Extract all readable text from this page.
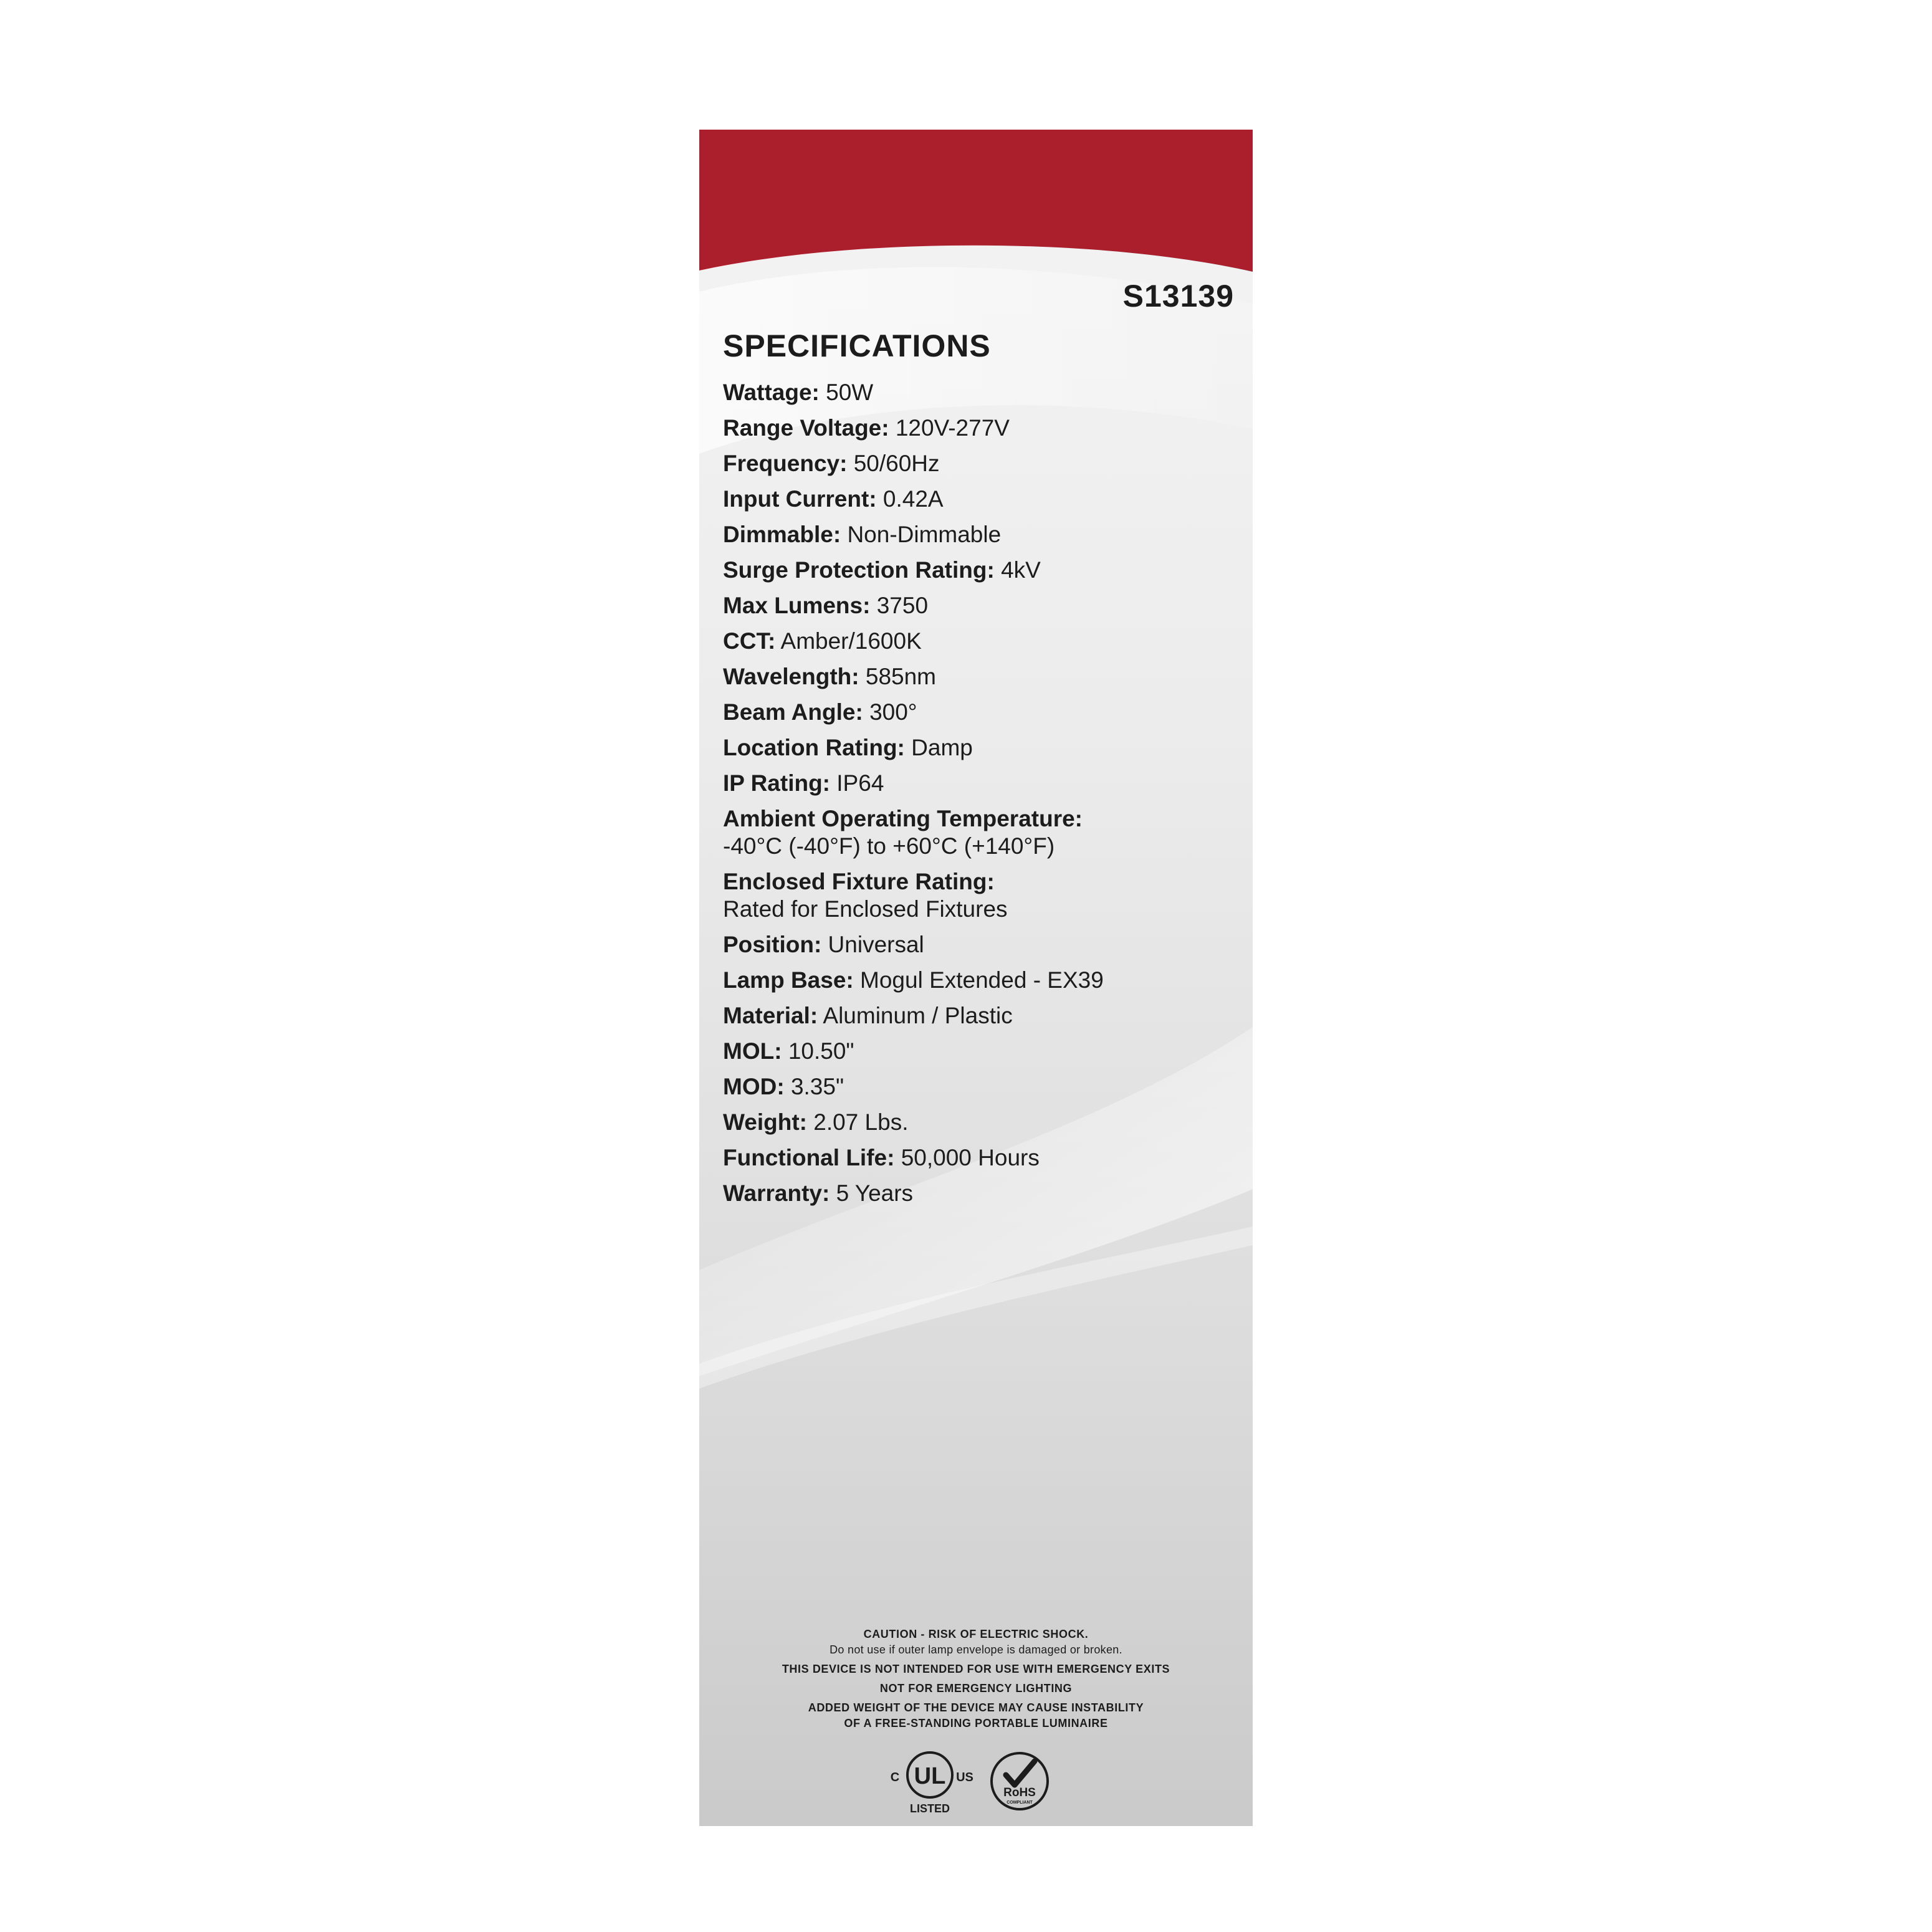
S13139
SPECIFICATIONS
Wattage: 50W
Range Voltage: 120V-277V
Frequency: 50/60Hz
Input Current: 0.42A
Dimmable: Non-Dimmable
Surge Protection Rating: 4kV
Max Lumens: 3750
CCT: Amber/1600K
Wavelength: 585nm
Beam Angle: 300°
Location Rating: Damp
IP Rating: IP64
Ambient Operating Temperature:
-40°C (-40°F) to +60°C (+140°F)
Enclosed Fixture Rating:
Rated for Enclosed Fixtures
Position: Universal
Lamp Base: Mogul Extended - EX39
Material: Aluminum / Plastic
MOL: 10.50"
MOD: 3.35"
Weight: 2.07 Lbs.
Functional Life: 50,000 Hours
Warranty: 5 Years
CAUTION - RISK OF ELECTRIC SHOCK.
Do not use if outer lamp envelope is damaged or broken.
THIS DEVICE IS NOT INTENDED FOR USE WITH EMERGENCY EXITS
NOT FOR EMERGENCY LIGHTING
ADDED WEIGHT OF THE DEVICE MAY CAUSE INSTABILITY
OF A FREE-STANDING PORTABLE LUMINAIRE
UL
C	US
LISTED
RoHS
COMPLIANT
